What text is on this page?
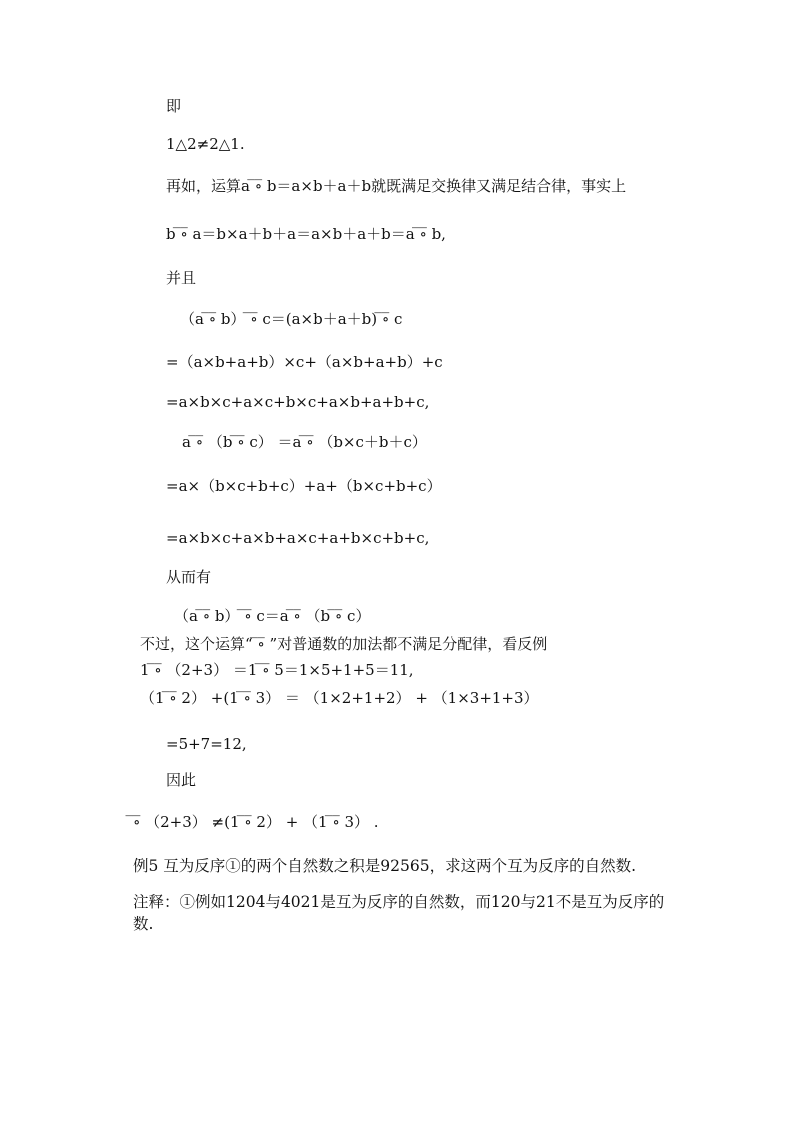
即
1△2≠2△1.
再如，运算a ̅∘̅ b＝a×b＋a＋b就既满足交换律又满足结合律，事实上
b ̅∘̅ a＝b×a＋b＋a＝a×b＋a＋b＝a ̅∘̅ b,
并且
（a ̅∘̅ b） ̅∘̅ c＝(a×b＋a＋b) ̅∘̅ c
=（a×b+a+b）×c+（a×b+a+b）+c
=a×b×c+a×c+b×c+a×b+a+b+c,
a ̅∘̅ （b ̅∘̅ c） ＝a ̅∘̅ （b×c＋b＋c）
=a×（b×c+b+c）+a+（b×c+b+c）
=a×b×c+a×b+a×c+a+b×c+b+c,
从而有
（a ̅∘̅ b） ̅∘̅ c＝a ̅∘̅ （b ̅∘̅ c）
不过，这个运算“ ̅∘̅ ”对普通数的加法都不满足分配律，看反例
1 ̅∘̅ （2+3） ＝1 ̅∘̅ 5＝1×5+1+5＝11,
（1 ̅∘̅ 2） +(1 ̅∘̅ 3） ＝ （1×2+1+2） + （1×3+1+3）
=5+7=12,
因此
̅∘̅ （2+3） ≠(1 ̅∘̅ 2） + （1 ̅∘̅ 3） .
例5 互为反序①的两个自然数之积是92565，求这两个互为反序的自然数.
注释：①例如1204与4021是互为反序的自然数，而120与21不是互为反序的
数.
